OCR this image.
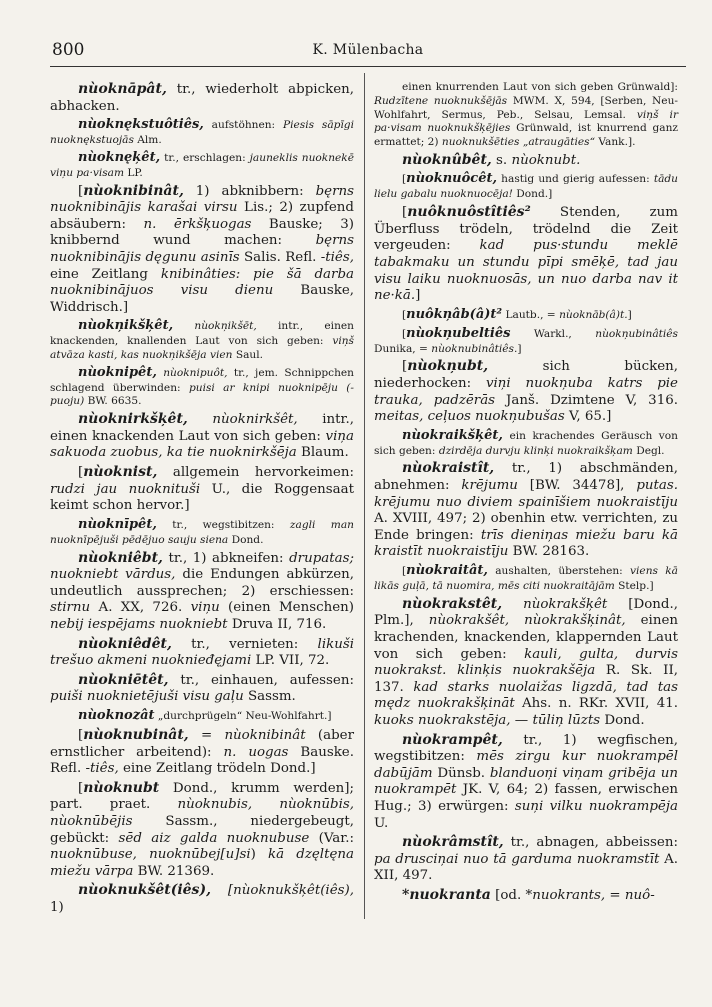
800	K. Mülenbacha

nùoknāpât, tr., wiederholt abpicken, abhacken.

nùoknękstuôtiês, aufstöhnen: Piesis sāpīgi nuoknękstuojās Alm.

nùoknęķêt, tr., erschlagen: jauneklis nuoknekē viņu pa·visam LP.

[nùoknibinât, 1) abknibbern: bęrns nuoknibinājis karašai virsu Lis.; 2) zupfend absäubern: n. ērkšķuogas Bauske; 3) knibbernd wund machen: bęrns nuoknibinājis dęgunu asinīs Salis. Refl. -tiês, eine Zeitlang knibinâties: pie šā darba nuoknibinājuos visu dienu Bauske, Widdrisch.]

nùokņikšķêt, nùokņikšēt, intr., einen knackenden, knallenden Laut von sich geben: viņš atvāza kasti, kas nuokņikšēja vien Saul.

nùoknipêt, nùoknipuôt, tr., jem. Schnippchen schlagend überwinden: puisi ar knipi nuoknipēju (-puoju) BW. 6635.

nùoknirkšķêt, nùoknirkšêt, intr., einen knackenden Laut von sich geben: viņa sakuoda zuobus, ka tie nuoknirkšēja Blaum.

[nùoknist, allgemein hervorkeimen: rudzi jau nuoknituši U., die Roggensaat keimt schon hervor.]

nùoknīpêt, tr., wegstibitzen: zagli man nuoknīpējuši pēdējuo sauju siena Dond.

nùokniêbt, tr., 1) abkneifen: drupatas; nuokniebt vārdus, die Endungen abkürzen, undeutlich aussprechen; 2) erschiessen: stirnu A. XX, 726. viņu (einen Menschen) nebij iespējams nuokniebt Druva II, 716.

nùokniêdêt, tr., vernieten: likuši trešuo akmeni nuoknieđęjami LP. VII, 72.

nùokniētêt, tr., einhauen, aufessen: puiši nuoknietējuši visu gaļu Sassm.

nùoknozât „durchprügeln“ Neu-Wohlfahrt.]

[nùoknubinât, = nùoknibinât (aber ernstlicher arbeitend): n. uogas Bauske. Refl. -tiês, eine Zeitlang trödeln Dond.]

[nùoknubt Dond., krumm werden]; part. praet. nùoknubis, nùoknūbis, nùoknūbējis Sassm., niedergebeugt, gebückt: sēd aiz galda nuoknubuse (Var.: nuoknūbuse, nuoknūbej[u]si) kā dzęltęna miežu vārpa BW. 21369.

nùoknukšêt(iês), [nùoknukšķêt(iês), 1)

einen knurrenden Laut von sich geben Grünwald]: Rudzītene nuoknukšējās MWM. X, 594, [Serben, Neu-Wohlfahrt, Sermus, Peb., Selsau, Lemsal. viņš ir pa·visam nuoknukšķējies Grünwald, ist knurrend ganz ermattet; 2) nuoknukšēties „atraugāties“ Vank.].

nùoknûbêt, s. nùoknubt.

[nùoknuôcêt, hastig und gierig aufessen: tādu lielu gabalu nuoknuocēja! Dond.]

[nuôknuôstîtiês² Stenden, zum Überfluss trödeln, trödelnd die Zeit vergeuden: kad pus·stundu meklē tabakmaku un stundu pīpi smēķē, tad jau visu laiku nuoknuosās, un nuo darba nav it ne·kā.]

[nuôkņâb(â)t² Lautb., = nùoknāb(â)t.]

[nùokņubeltiês Warkl., nùokņubinâtiês Dunika, = nùoknubinâtiês.]

[nùokņubt, sich bücken, niederhocken: viņi nuokņuba katrs pie trauka, padzērās Janš. Dzimtene V, 316. meitas, ceļuos nuokņubušas V, 65.]

nùokraikšķêt, ein krachendes Geräusch von sich geben: dzirdēja durvju klinķi nuokraikšķam Degl.

nùokraistît, tr., 1) abschmänden, abnehmen: krējumu [BW. 34478], putas. krējumu nuo diviem spainīšiem nuokraistīju A. XVIII, 497; 2) obenhin etw. verrichten, zu Ende bringen: trīs dieniņas miežu baru kā kraistīt nuokraistīju BW. 28163.

[nùokraitât, aushalten, überstehen: viens kā likās guļā, tā nuomira, mēs citi nuokraitājām Stelp.]

nùokrakstêt, nùokrakšķêt [Dond., Plm.], nùokrakšêt, nùokrakšķinât, einen krachenden, knackenden, klappernden Laut von sich geben: kauli, gulta, durvis nuokrakst. klinķis nuokrakšēja R. Sk. II, 137. kad starks nuolaižas ligzdā, tad tas mędz nuokrakšķināt Ahs. n. RKr. XVII, 41. kuoks nuokrakstēja, — tūliņ lūzts Dond.

nùokrampêt, tr., 1) wegfischen, wegstibitzen: mēs zirgu kur nuokrampēl dabūjām Dünsb. blanduoņi viņam gribēja un nuokrampēt JK. V, 64; 2) fassen, erwischen Hug.; 3) erwürgen: suņi vilku nuokrampēja U.

nùokrâmstît, tr., abnagen, abbeissen: pa drusciņai nuo tā garduma nuokramstīt A. XII, 497.

*nuokranta [od. *nuokrants, = nuô-
